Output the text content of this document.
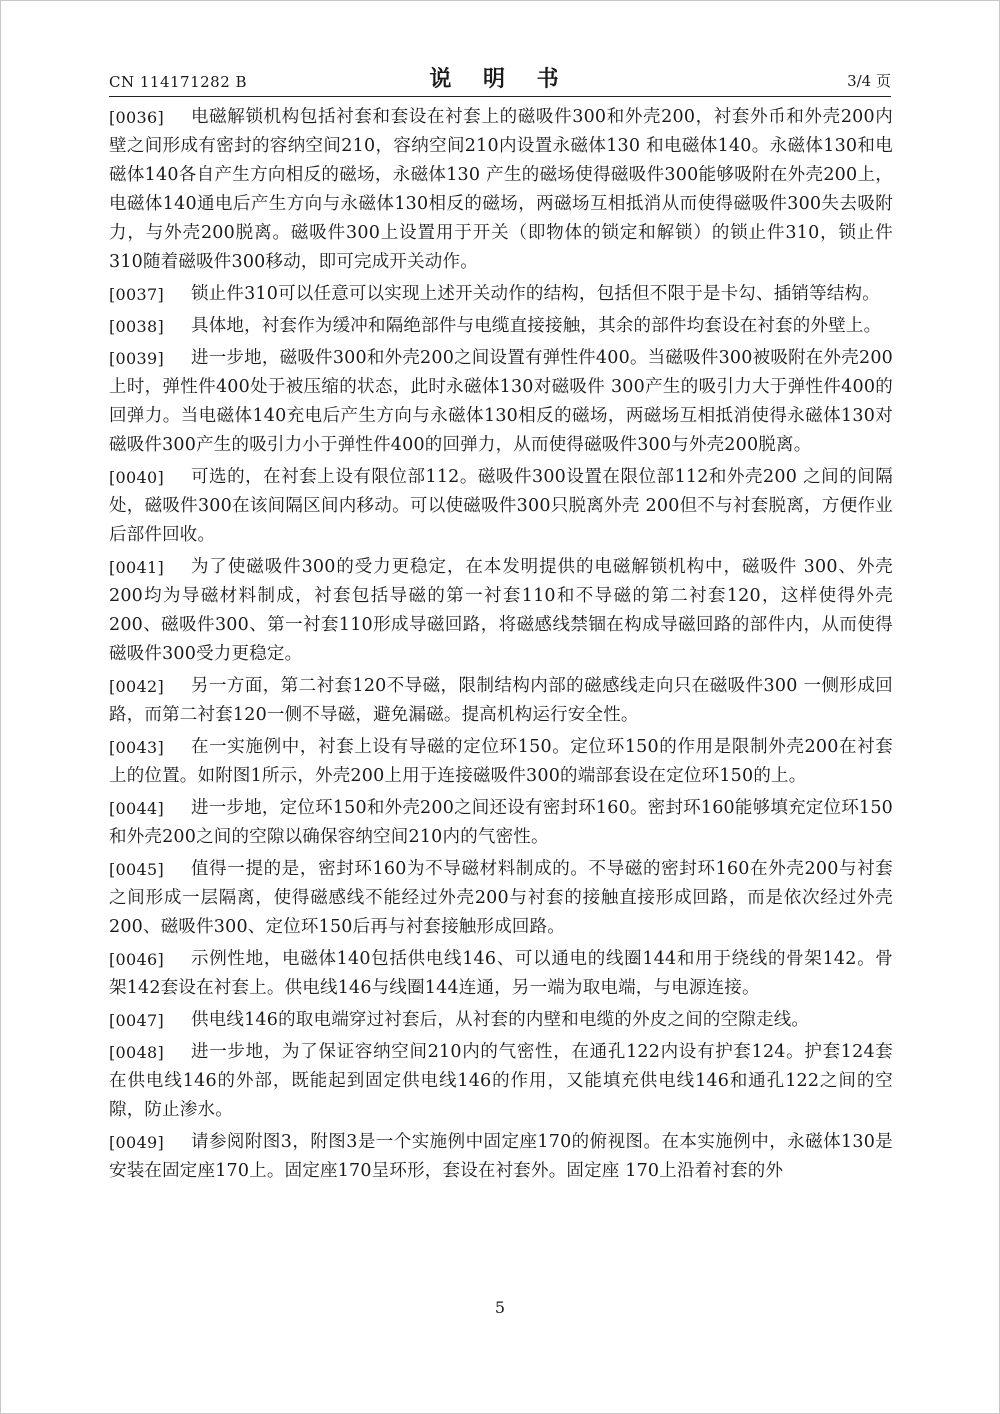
CN 114171282 B	说 明 书	3/4 页
[0036]	电磁解锁机构包括衬套和套设在衬套上的磁吸件300和外壳200，衬套外币和外壳200内壁之间形成有密封的容纳空间210，容纳空间210内设置永磁体130 和电磁体140。永磁体130和电磁体140各自产生方向相反的磁场，永磁体130 产生的磁场使得磁吸件300能够吸附在外壳200上，电磁体140通电后产生方向与永磁体130相反的磁场，两磁场互相抵消从而使得磁吸件300失去吸附力，与外壳200脱离。磁吸件300上设置用于开关（即物体的锁定和解锁）的锁止件310，锁止件310随着磁吸件300移动，即可完成开关动作。

[0037]	锁止件310可以任意可以实现上述开关动作的结构，包括但不限于是卡勾、插销等结构。

[0038]	具体地，衬套作为缓冲和隔绝部件与电缆直接接触，其余的部件均套设在衬套的外壁上。

[0039]	进一步地，磁吸件300和外壳200之间设置有弹性件400。当磁吸件300被吸附在外壳200上时，弹性件400处于被压缩的状态，此时永磁体130对磁吸件 300产生的吸引力大于弹性件400的回弹力。当电磁体140充电后产生方向与永磁体130相反的磁场，两磁场互相抵消使得永磁体130对磁吸件300产生的吸引力小于弹性件400的回弹力，从而使得磁吸件300与外壳200脱离。

[0040]	可选的，在衬套上设有限位部112。磁吸件300设置在限位部112和外壳200 之间的间隔处，磁吸件300在该间隔区间内移动。可以使磁吸件300只脱离外壳 200但不与衬套脱离，方便作业后部件回收。

[0041]	为了使磁吸件300的受力更稳定，在本发明提供的电磁解锁机构中，磁吸件 300、外壳200均为导磁材料制成，衬套包括导磁的第一衬套110和不导磁的第二衬套120，这样使得外壳200、磁吸件300、第一衬套110形成导磁回路，将磁感线禁锢在构成导磁回路的部件内，从而使得磁吸件300受力更稳定。

[0042]	另一方面，第二衬套120不导磁，限制结构内部的磁感线走向只在磁吸件300 一侧形成回路，而第二衬套120一侧不导磁，避免漏磁。提高机构运行安全性。

[0043]	在一实施例中，衬套上设有导磁的定位环150。定位环150的作用是限制外壳200在衬套上的位置。如附图1所示，外壳200上用于连接磁吸件300的端部套设在定位环150的上。

[0044]	进一步地，定位环150和外壳200之间还设有密封环160。密封环160能够填充定位环150和外壳200之间的空隙以确保容纳空间210内的气密性。

[0045]	值得一提的是，密封环160为不导磁材料制成的。不导磁的密封环160在外壳200与衬套之间形成一层隔离，使得磁感线不能经过外壳200与衬套的接触直接形成回路，而是依次经过外壳200、磁吸件300、定位环150后再与衬套接触形成回路。

[0046]	示例性地，电磁体140包括供电线146、可以通电的线圈144和用于绕线的骨架142。骨架142套设在衬套上。供电线146与线圈144连通，另一端为取电端，与电源连接。

[0047]	供电线146的取电端穿过衬套后，从衬套的内壁和电缆的外皮之间的空隙走线。

[0048]	进一步地，为了保证容纳空间210内的气密性，在通孔122内设有护套124。护套124套在供电线146的外部，既能起到固定供电线146的作用，又能填充供电线146和通孔122之间的空隙，防止渗水。

[0049]	请参阅附图3，附图3是一个实施例中固定座170的俯视图。在本实施例中，永磁体130是安装在固定座170上。固定座170呈环形，套设在衬套外。固定座 170上沿着衬套的外

5
